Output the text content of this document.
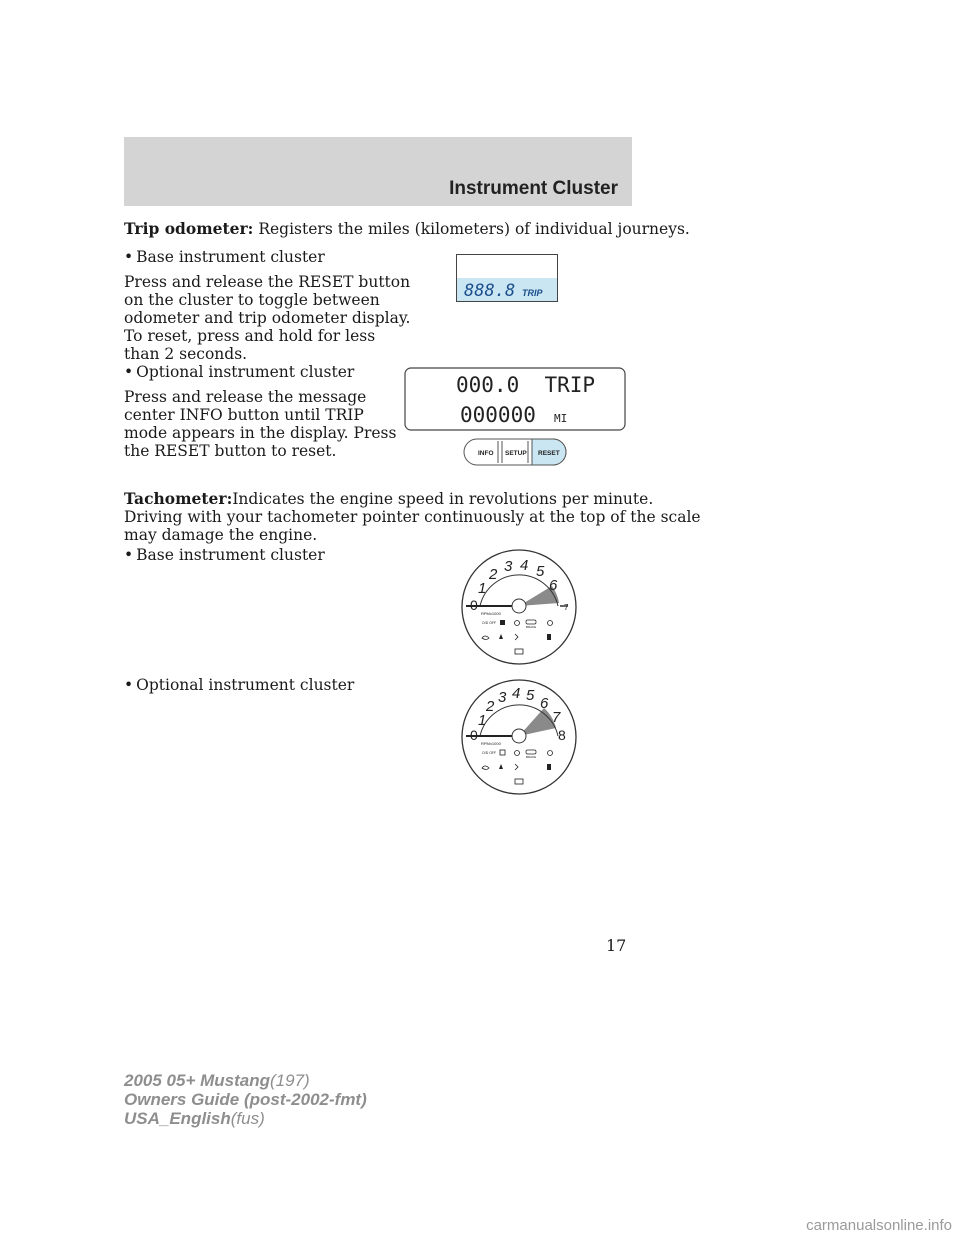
Instrument Cluster
Trip odometer: Registers the miles (kilometers) of individual journeys.
• Base instrument cluster
Press and release the RESET button
on the cluster to toggle between
odometer and trip odometer display.
To reset, press and hold for less
than 2 seconds.
• Optional instrument cluster
Press and release the message
center INFO button until TRIP
mode appears in the display. Press
the RESET button to reset.
888.8 TRIP
000.0  TRIP
000000 MI
INFO SETUP RESET
Tachometer:Indicates the engine speed in revolutions per minute.
Driving with your tachometer pointer continuously at the top of the scale
may damage the engine.
• Base instrument cluster
• Optional instrument cluster
0
1
2 3 4 5
6
7
RPMx1000
O/D OFF
BRAKE
0
1
2
3 4 5 6
7
8
RPMx1000
O/D OFF
BRAKE
17
2005 05+ Mustang(197)
Owners Guide (post-2002-fmt)
USA_English(fus)
carmanualsonline.info
